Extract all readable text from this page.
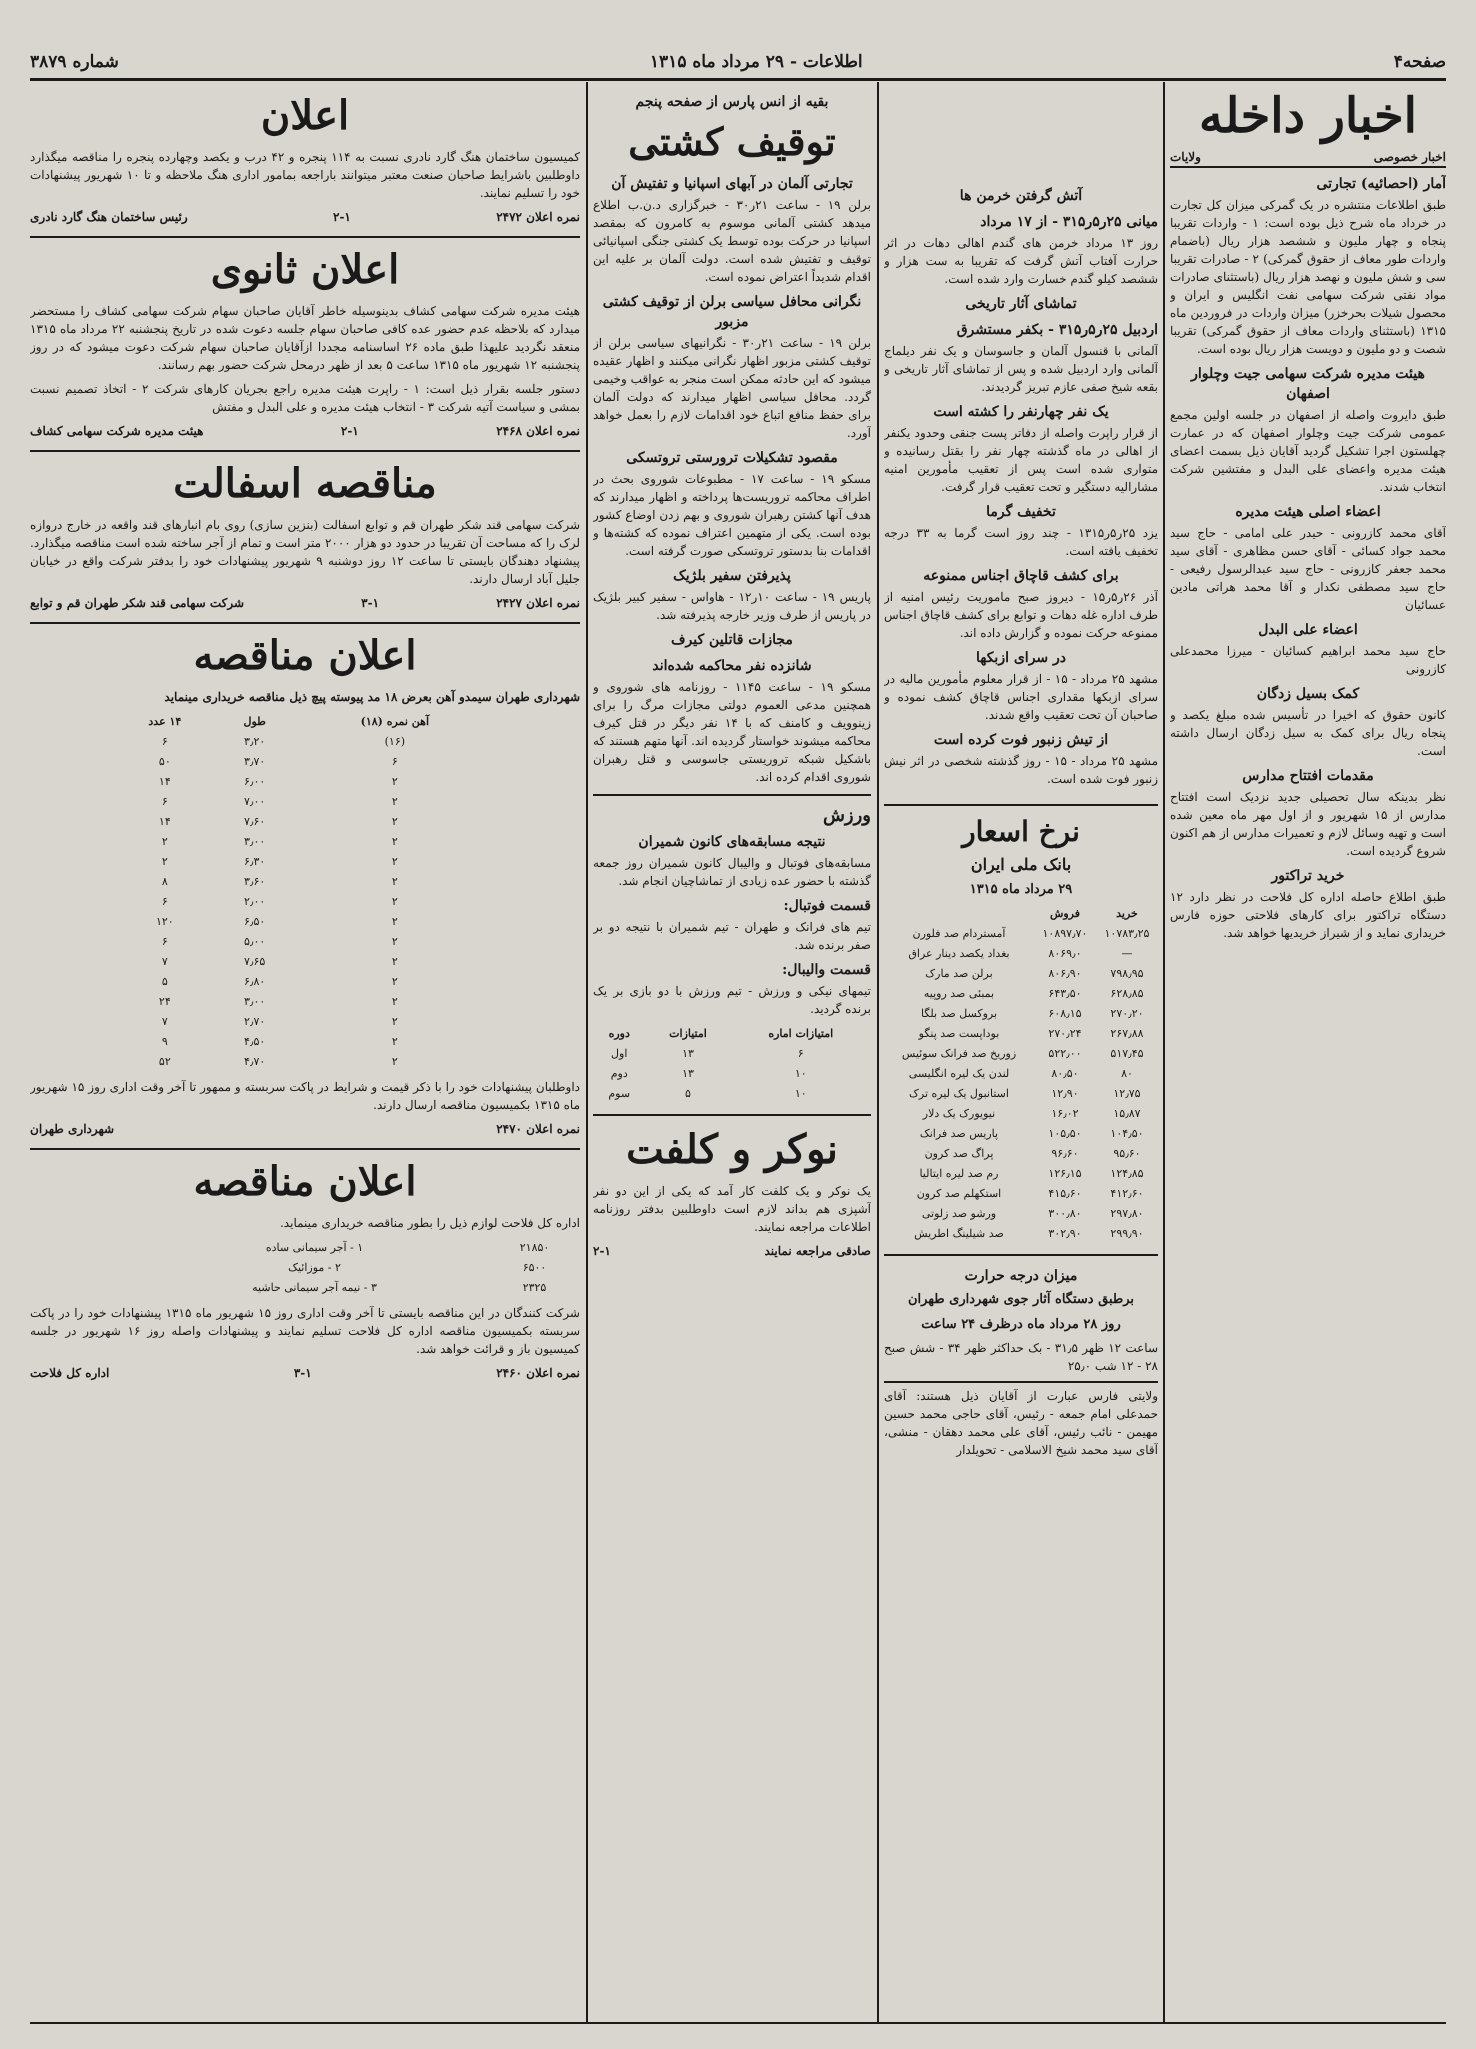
صفحه۴
اطلاعات - ۲۹ مرداد ماه ۱۳۱۵
شماره ۳۸۷۹
اخبار داخله
اخبار خصوصی
ولایات
آمار (احصائیه) تجارتی

طبق اطلاعات منتشره در یک گمرکی میزان کل تجارت در خرداد ماه شرح ذیل بوده است: ۱ - واردات تقریبا پنجاه و چهار ملیون و ششصد هزار ریال (باضمام واردات طور معاف از حقوق گمرکی) ۲ - صادرات تقریبا سی و شش ملیون و نهصد هزار ریال (باستثنای صادرات مواد نفتی شرکت سهامی نفت انگلیس و ایران و محصول شیلات بحرخزر) میزان واردات در فروردین ماه ۱۳۱۵ (باستثنای واردات معاف از حقوق گمرکی) تقریبا شصت و دو ملیون و دویست هزار ریال بوده است.

هیئت مدیره شرکت سهامی جیت وچلوار اصفهان

طبق دایروت واصله از اصفهان در جلسه اولین مجمع عمومی شرکت جیت وچلوار اصفهان که در عمارت چهلستون اجرا تشکیل گردید آقایان ذیل بسمت اعضای هیئت مدیره واعضای علی البدل و مفتشین شرکت انتخاب شدند.

اعضاء اصلی هیئت مدیره

آقای محمد کازرونی - حیدر علی امامی - حاج سید محمد جواد کسائی - آقای حسن مظاهری - آقای سید محمد جعفر کازرونی - حاج سید عبدالرسول رفیعی - حاج سید مصطفی نکدار و آقا محمد هراتی مادین عسائیان

اعضاء علی البدل

حاج سید محمد ابراهیم کسائیان - میرزا محمدعلی کازرونی

کمک بسیل زدگان

کانون حقوق که اخیرا در تأسیس شده مبلغ یکصد و پنجاه ریال برای کمک به سیل زدگان ارسال داشته است.

مقدمات افتتاح مدارس

نظر بدینکه سال تحصیلی جدید نزدیک است افتتاح مدارس از ۱۵ شهریور و از اول مهر ماه معین شده است و تهیه وسائل لازم و تعمیرات مدارس از هم اکنون شروع گردیده است.

خرید تراکتور

طبق اطلاع حاصله اداره کل فلاحت در نظر دارد ۱۲ دستگاه تراکتور برای کارهای فلاحتی حوزه فارس خریداری نماید و از شیراز خریدیها خواهد شد.

آتش گرفتن خرمن ها
میانی ۲۵ر۵ر۳۱۵ - از ۱۷ مرداد

روز ۱۳ مرداد خرمن های گندم اهالی دهات در اثر حرارت آفتاب آتش گرفت که تقریبا به ست هزار و ششصد کیلو گندم خسارت وارد شده است.

تماشای آثار تاریخی
اردبیل ۲۵ر۵ر۳۱۵ - بکفر مستشرق

آلمانی با قنسول آلمان و جاسوسان و یک نفر دیلماج آلمانی وارد اردبیل شده و پس از تماشای آثار تاریخی و بقعه شیخ صفی عازم تبریز گردیدند.

یک نفر چهارنفر را کشته است

از قرار راپرت واصله از دفاتر پست جنقی وحدود یکنفر از اهالی در ماه گذشته چهار نفر را بقتل رسانیده و متواری شده است پس از تعقیب مأمورین امنیه مشارالیه دستگیر و تحت تعقیب قرار گرفت.

تخفیف گرما

یزد ۲۵ر۵ر۱۳۱۵ - چند روز است گرما به ۳۳ درجه تخفیف یافته است.

برای کشف قاچاق اجناس ممنوعه

آذر ۲۶ر۵ر۱۵ - دیروز صبح ماموریت رئیس امنیه از طرف اداره غله دهات و توابع برای کشف قاچاق اجناس ممنوعه حرکت نموده و گزارش داده اند.

در سرای ازبکها

مشهد ۲۵ مرداد - ۱۵ - از قرار معلوم مأمورین مالیه در سرای ازبکها مقداری اجناس قاچاق کشف نموده و صاحبان آن تحت تعقیب واقع شدند.

از تیش زنبور فوت کرده است

مشهد ۲۵ مرداد - ۱۵ - روز گذشته شخصی در اثر نیش زنبور فوت شده است.

نرخ اسعار
بانک ملی ایران
۲۹ مرداد ماه ۱۳۱۵
خرید	فروش	
۱۰۷۸۳٫۲۵	۱۰۸۹۷٫۷۰	آمستردام صد فلورن
—	۸۰۶۹٫۰	بغداد یکصد دینار عراق
۷۹۸٫۹۵	۸۰۶٫۹۰	برلن صد مارک
۶۲۸٫۸۵	۶۴۳٫۵۰	بمبئی صد روپیه
۲۷۰٫۲۰	۶۰۸٫۱۵	بروکسل صد بلگا
۲۶۷٫۸۸	۲۷۰٫۲۴	بوداپست صد پنگو
۵۱۷٫۴۵	۵۲۲٫۰۰	زوریخ صد فرانک سوئیس
۸۰	۸۰٫۵۰	لندن یک لیره انگلیسی
۱۲٫۷۵	۱۲٫۹۰	استانبول یک لیره ترک
۱۵٫۸۷	۱۶٫۰۲	نیویورک یک دلار
۱۰۴٫۵۰	۱۰۵٫۵۰	پاریس صد فرانک
۹۵٫۶۰	۹۶٫۶۰	پراگ صد کرون
۱۲۴٫۸۵	۱۲۶٫۱۵	رم صد لیره ایتالیا
۴۱۲٫۶۰	۴۱۵٫۶۰	استکهلم صد کرون
۲۹۷٫۸۰	۳۰۰٫۸۰	ورشو صد زلوتی
۲۹۹٫۹۰	۳۰۲٫۹۰	صد شیلینگ اطریش
میزان درجه حرارت
برطبق دستگاه آثار جوی شهرداری طهران
روز ۲۸ مرداد ماه درظرف ۲۴ ساعت

ساعت ۱۲ ظهر ۳۱٫۵ - بک حداکثر ظهر ۳۴ - شش صبح ۲۸ - ۱۲ شب ۲۵٫۰

ولایتی فارس عبارت از آقایان ذیل هستند: آقای حمدعلی امام جمعه - رئیس، آقای حاجی محمد حسین مهیمن - نائب رئیس، آقای علی محمد دهقان - منشی، آقای سید محمد شیخ الاسلامی - تحویلدار

بقیه از انس پارس از صفحه پنجم
توقیف کشتی
تجارتی آلمان در آبهای اسپانیا و تفتیش آن

برلن ۱۹ - ساعت ۲۱ر۳۰ - خبرگزاری د.ن.ب اطلاع میدهد کشتی آلمانی موسوم به کامرون که بمقصد اسپانیا در حرکت بوده توسط یک کشتی جنگی اسپانیائی توقیف و تفتیش شده است. دولت آلمان بر علیه این اقدام شدیداً اعتراض نموده است.

نگرانی محافل سیاسی برلن از توقیف کشتی مزبور

برلن ۱۹ - ساعت ۲۱ر۳۰ - نگرانیهای سیاسی برلن از توقیف کشتی مزبور اظهار نگرانی میکنند و اظهار عقیده میشود که این حادثه ممکن است منجر به عواقب وخیمی گردد. محافل سیاسی اظهار میدارند که دولت آلمان برای حفظ منافع اتباع خود اقدامات لازم را بعمل خواهد آورد.

مقصود تشکیلات ترورستی تروتسکی

مسکو ۱۹ - ساعت ۱۷ - مطبوعات شوروی بحث در اطراف محاکمه تروریست‌ها پرداخته و اظهار میدارند که هدف آنها کشتن رهبران شوروی و بهم زدن اوضاع کشور بوده است. یکی از متهمین اعتراف نموده که کشته‌ها و اقدامات بنا بدستور تروتسکی صورت گرفته است.

پذیرفتن سفیر بلژیک

پاریس ۱۹ - ساعت ۱۰ر۱۲ - هاواس - سفیر کبیر بلژیک در پاریس از طرف وزیر خارجه پذیرفته شد.

مجازات قاتلین کیرف
شانزده نفر محاکمه شده‌اند

مسکو ۱۹ - ساعت ۱۱۴۵ - روزنامه های شوروی و همچنین مدعی العموم دولتی مجازات مرگ را برای زینوویف و کامنف که با ۱۴ نفر دیگر در قتل کیرف محاکمه میشوند خواستار گردیده اند. آنها متهم هستند که باشکیل شبکه تروریستی جاسوسی و قتل رهبران شوروی اقدام کرده اند.

ورزش
نتیجه مسابقه‌های کانون شمیران

مسابقه‌های فوتبال و والیبال کانون شمیران روز جمعه گذشته با حضور عده زیادی از تماشاچیان انجام شد.

قسمت فوتبال:

تیم های فرانک و طهران - تیم شمیران با نتیجه دو بر صفر برنده شد.

قسمت والیبال:

تیمهای نیکی و ورزش - تیم ورزش با دو بازی بر یک برنده گردید.

امتیازات اماره	امتیازات	دوره
۶	۱۳	اول
۱۰	۱۳	دوم
۱۰	۵	سوم
نوکر و کلفت

یک نوکر و یک کلفت کار آمد که یکی از این دو نفر آشپزی هم بداند لازم است داوطلبین بدفتر روزنامه اطلاعات مراجعه نمایند.

صادقی مراجعه نمایند
۲-۱
اعلان

کمیسیون ساختمان هنگ گارد نادری نسبت به ۱۱۴ پنجره و ۴۲ درب و یکصد وچهارده پنجره را مناقصه میگذارد داوطلبین باشرایط صاحبان صنعت معتبر میتوانند باراجعه بمامور اداری هنگ ملاحظه و تا ۱۰ شهریور پیشنهادات خود را تسلیم نمایند.

نمره اعلان ۲۴۷۲
۲-۱
رئیس ساختمان هنگ گارد نادری
اعلان ثانوی

هیئت مدیره شرکت سهامی کشاف بدینوسیله خاطر آقایان صاحبان سهام شرکت سهامی کشاف را مستحضر میدارد که بلاحظه عدم حضور عده کافی صاحبان سهام جلسه دعوت شده در تاریخ پنجشنبه ۲۲ مرداد ماه ۱۳۱۵ منعقد نگردید علیهذا طبق ماده ۲۶ اساسنامه مجددا ازآقایان صاحبان سهام شرکت دعوت میشود که در روز پنجشنبه ۱۲ شهریور ماه ۱۳۱۵ ساعت ۵ بعد از ظهر درمحل شرکت حضور بهم رسانند.

دستور جلسه بقرار ذیل است: ۱ - راپرت هیئت مدیره راجع بجریان کارهای شرکت ۲ - اتخاذ تصمیم نسبت بمشی و سیاست آتیه شرکت ۳ - انتخاب هیئت مدیره و علی البدل و مفتش

نمره اعلان ۲۴۶۸
۲-۱
هیئت مدیره شرکت سهامی کشاف
مناقصه اسفالت

شرکت سهامی قند شکر طهران قم و توابع اسفالت (بنزین سازی) روی بام انبارهای قند واقعه در خارج دروازه لرک را که مساحت آن تقریبا در حدود دو هزار ۲۰۰۰ متر است و تمام از آجر ساخته شده است مناقصه میگذارد. پیشنهاد دهندگان بایستی تا ساعت ۱۲ روز دوشنبه ۹ شهریور پیشنهادات خود را بدفتر شرکت واقع در خیابان جلیل آباد ارسال دارند.

نمره اعلان ۲۴۲۷
۳-۱
شرکت سهامی قند شکر طهران قم و توابع
اعلان مناقصه

شهرداری طهران سیمدو آهن بعرض ۱۸ مد پیوسته پیچ ذیل مناقصه خریداری مینماید

آهن نمره (۱۸)	طول	۱۴ عدد
(۱۶)	۳٫۲۰	۶
۶	۳٫۷۰	۵۰
۲	۶٫۰۰	۱۴
۲	۷٫۰۰	۶
۲	۷٫۶۰	۱۴
۲	۳٫۰۰	۲
۲	۶٫۳۰	۲
۲	۳٫۶۰	۸
۲	۲٫۰۰	۶
۲	۶٫۵۰	۱۲۰
۲	۵٫۰۰	۶
۲	۷٫۶۵	۷
۲	۶٫۸۰	۵
۲	۳٫۰۰	۲۴
۲	۲٫۷۰	۷
۲	۴٫۵۰	۹
۲	۴٫۷۰	۵۲

داوطلبان پیشنهادات خود را با ذکر قیمت و شرایط در پاکت سربسته و ممهور تا آخر وقت اداری روز ۱۵ شهریور ماه ۱۳۱۵ بکمیسیون مناقصه ارسال دارند.

نمره اعلان ۲۴۷۰
شهرداری طهران
اعلان مناقصه

اداره کل فلاحت لوازم ذیل را بطور مناقصه خریداری مینماید.

۲۱۸۵۰	۱ - آجر سیمانی ساده
۶۵۰۰	۲ - موزائیک
۲۳۲۵	۳ - نیمه آجر سیمانی حاشیه

شرکت کنندگان در این مناقصه بایستی تا آخر وقت اداری روز ۱۵ شهریور ماه ۱۳۱۵ پیشنهادات خود را در پاکت سربسته بکمیسیون مناقصه اداره کل فلاحت تسلیم نمایند و پیشنهادات واصله روز ۱۶ شهریور در جلسه کمیسیون باز و قرائت خواهد شد.

نمره اعلان ۲۴۶۰
۳-۱
اداره کل فلاحت
